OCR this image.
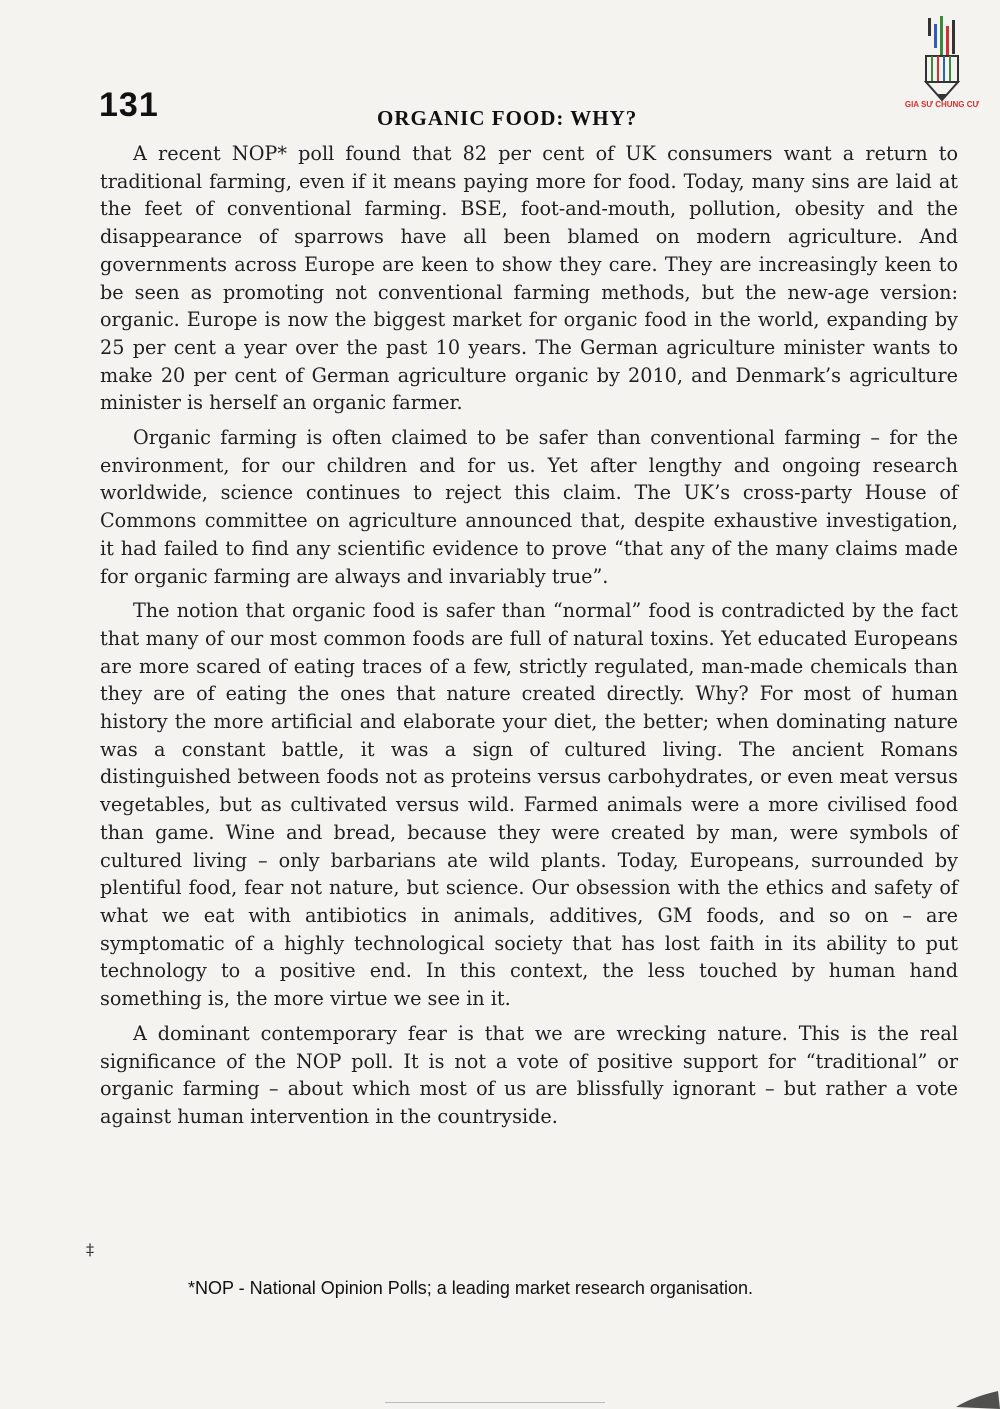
GIA SƯ CHUNG CƯ
131	ORGANIC FOOD: WHY?

A recent NOP* poll found that 82 per cent of UK consumers want a return to traditional farming, even if it means paying more for food. Today, many sins are laid at the feet of conventional farming. BSE, foot-and-mouth, pollution, obesity and the disappearance of sparrows have all been blamed on modern agriculture. And governments across Europe are keen to show they care. They are increasingly keen to be seen as promoting not conventional farming methods, but the new-age version: organic. Europe is now the biggest market for organic food in the world, expanding by 25 per cent a year over the past 10 years. The German agriculture minister wants to make 20 per cent of German agriculture organic by 2010, and Denmark’s agriculture minister is herself an organic farmer.

Organic farming is often claimed to be safer than conventional farming – for the environment, for our children and for us. Yet after lengthy and ongoing research worldwide, science continues to reject this claim. The UK’s cross-party House of Commons committee on agriculture announced that, despite exhaustive investigation, it had failed to find any scientific evidence to prove “that any of the many claims made for organic farming are always and invariably true”.

The notion that organic food is safer than “normal” food is contradicted by the fact that many of our most common foods are full of natural toxins. Yet educated Europeans are more scared of eating traces of a few, strictly regulated, man-made chemicals than they are of eating the ones that nature created directly. Why? For most of human history the more artificial and elaborate your diet, the better; when dominating nature was a constant battle, it was a sign of cultured living. The ancient Romans distinguished between foods not as proteins versus carbohydrates, or even meat versus vegetables, but as cultivated versus wild. Farmed animals were a more civilised food than game. Wine and bread, because they were created by man, were symbols of cultured living – only barbarians ate wild plants. Today, Europeans, surrounded by plentiful food, fear not nature, but science. Our obsession with the ethics and safety of what we eat with antibiotics in animals, additives, GM foods, and so on – are symptomatic of a highly technological society that has lost faith in its ability to put technology to a positive end. In this context, the less touched by human hand something is, the more virtue we see in it.

A dominant contemporary fear is that we are wrecking nature. This is the real significance of the NOP poll. It is not a vote of positive support for “traditional” or organic farming – about which most of us are blissfully ignorant – but rather a vote against human intervention in the countryside.

‡
*NOP - National Opinion Polls; a leading market research organisation.
